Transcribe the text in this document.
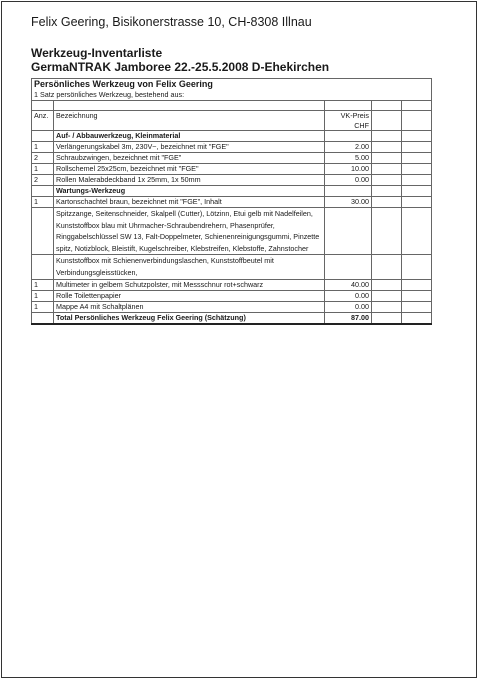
Felix Geering, Bisikonerstrasse 10, CH-8308 Illnau
Werkzeug-Inventarliste
GermaNTRAK Jamboree 22.-25.5.2008 D-Ehekirchen
Persönliches Werkzeug von Felix Geering				
1 Satz persönliches Werkzeug, bestehend aus:				

Anz.	Bezeichnung	VK-Preis
CHF		

	Auf- / Abbauwerkzeug, Kleinmaterial			
1	Verlängerungskabel 3m, 230V~, bezeichnet mit "FGE"	2.00		
2	Schraubzwingen, bezeichnet mit "FGE"	5.00		
1	Rollschemel 25x25cm, bezeichnet mit "FGE"	10.00		
2	Rollen Malerabdeckband 1x 25mm, 1x 50mm	0.00		
	Wartungs-Werkzeug			
1	Kartonschachtel braun, bezeichnet mit "FGE", Inhalt	30.00		
	Spitzzange, Seitenschneider, Skalpell (Cutter), Lötzinn, Etui gelb mit Nadelfeilen, Kunststoffbox blau mit Uhrmacher-Schraubendrehern, Phasenprüfer, Ringgabelschlüssel SW 13, Falt-Doppelmeter, Schienenreinigungsgummi, Pinzette spitz, Notizblock, Bleistift, Kugelschreiber, Klebstreifen, Klebstoffe, Zahnstocher			
	Kunststoffbox mit Schienenverbindungslaschen, Kunststoffbeutel mit Verbindungsgleisstücken,			
1	Multimeter in gelbem Schutzpolster, mit Messschnur rot+schwarz	40.00		
1	Rolle Toilettenpapier	0.00		
1	Mappe A4 mit Schaltplänen	0.00		
	Total Persönliches Werkzeug Felix Geering (Schätzung)	87.00		
